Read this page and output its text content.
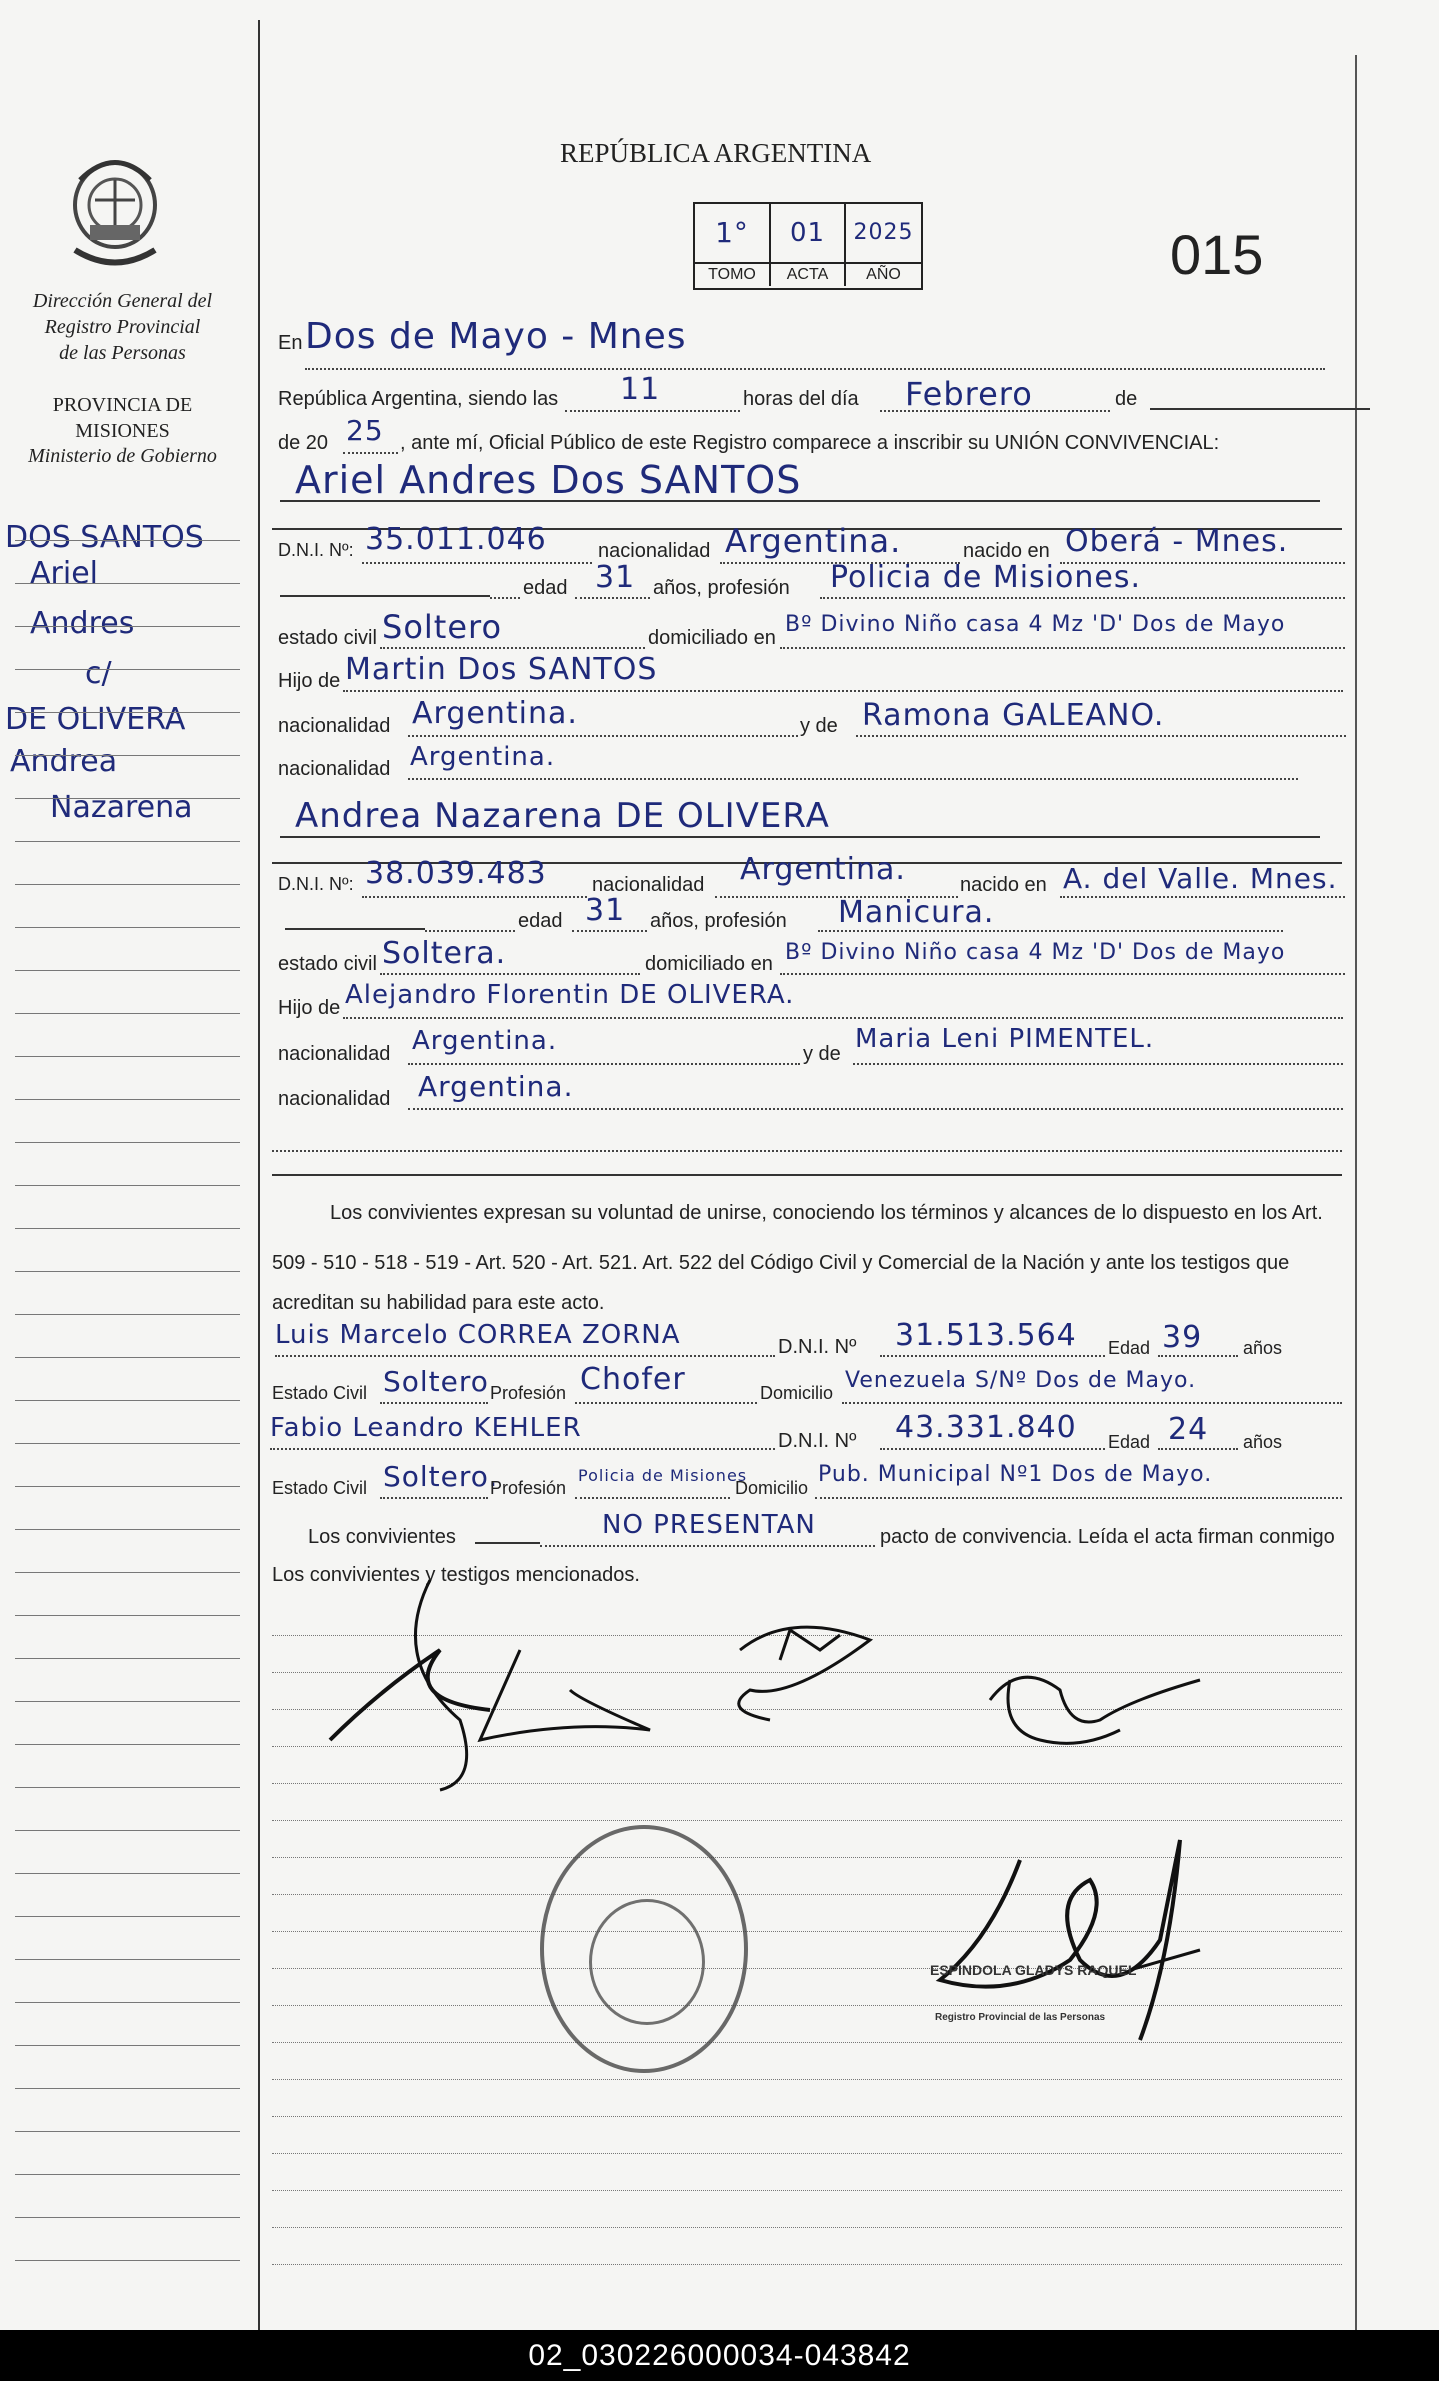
Dirección General del
Registro Provincial
de las Personas
PROVINCIA DE
MISIONES
Ministerio de Gobierno
DOS SANTOS
Ariel
Andres
c/
DE OLIVERA
Andrea
Nazarena
REPÚBLICA ARGENTINA
1°	01	2025
TOMO	ACTA	AÑO	015
En Dos de Mayo - Mnes
República Argentina, siendo las 11	horas del día Febrero	de
de 20 25 , ante mí, Oficial Público de este Registro comparece a inscribir su UNIÓN CONVIVENCIAL:
Ariel Andres Dos SANTOS
D.N.I. Nº: 35.011.046	nacionalidad Argentina.	nacido en Oberá - Mnes.
edad 31 años, profesión Policia de Misiones.
estado civil Soltero	domiciliado en
Bº Divino Niño casa 4 Mz 'D' Dos de Mayo
Hijo de Martin Dos SANTOS
nacionalidad Argentina.	y de Ramona GALEANO.
nacionalidad Argentina.
Andrea Nazarena DE OLIVERA
D.N.I. Nº: 38.039.483 nacionalidad Argentina.	nacido en A. del Valle. Mnes.
edad 31 años, profesión Manicura.
estado civil Soltera.	domiciliado en Bº Divino Niño casa 4 Mz 'D' Dos de Mayo
Hijo de Alejandro Florentin DE OLIVERA.
nacionalidad Argentina.	y de Maria Leni PIMENTEL.
nacionalidad Argentina.
Los convivientes expresan su voluntad de unirse, conociendo los términos y alcances de lo dispuesto en los Art.
509 - 510 - 518 - 519 - Art. 520 - Art. 521. Art. 522 del Código Civil y Comercial de la Nación y ante los testigos que
acreditan su habilidad para este acto.
Luis Marcelo CORREA ZORNA	D.N.I. Nº 31.513.564 Edad 39 años
Estado Civil Soltero Profesión Chofer	Domicilio Venezuela S/Nº Dos de Mayo.
Fabio Leandro KEHLER	D.N.I. Nº 43.331.840 Edad 24 años
Estado Civil Soltero.
Profesión
Policia de Misiones
Domicilio
Pub. Municipal Nº1 Dos de Mayo.
Los convivientes	NO PRESENTAN	pacto de convivencia. Leída el acta firman conmigo
Los convivientes y testigos mencionados.
ESPINDOLA GLADYS RAQUEL
Registro Provincial de las Personas
02_030226000034-043842
